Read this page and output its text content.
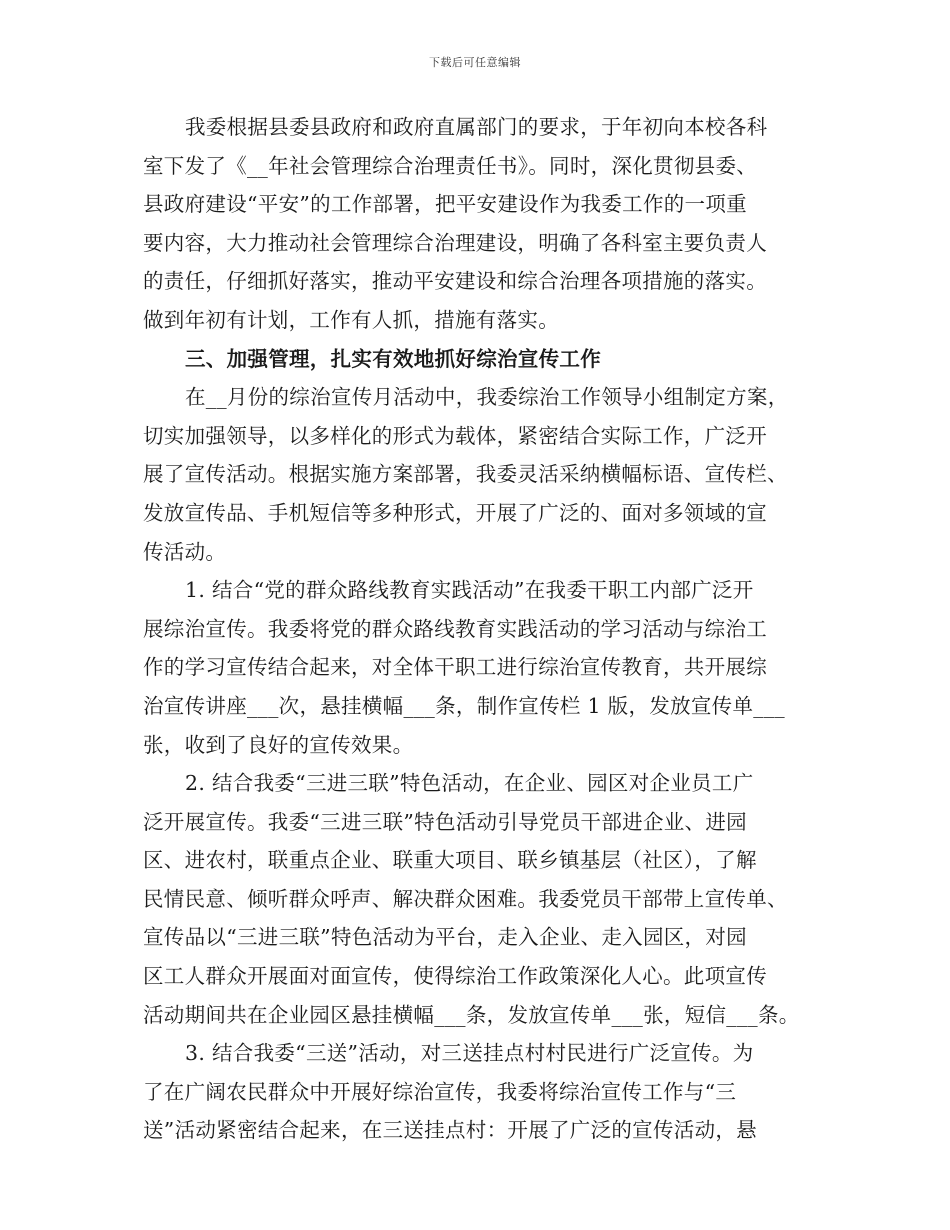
下载后可任意编辑
我委根据县委县政府和政府直属部门的要求，于年初向本校各科
室下发了《__年社会管理综合治理责任书》。同时，深化贯彻县委、
县政府建设“平安”的工作部署，把平安建设作为我委工作的一项重
要内容，大力推动社会管理综合治理建设，明确了各科室主要负责人
的责任，仔细抓好落实，推动平安建设和综合治理各项措施的落实。
做到年初有计划，工作有人抓，措施有落实。
三、加强管理，扎实有效地抓好综治宣传工作
在__月份的综治宣传月活动中，我委综治工作领导小组制定方案，
切实加强领导，以多样化的形式为载体，紧密结合实际工作，广泛开
展了宣传活动。根据实施方案部署，我委灵活采纳横幅标语、宣传栏、
发放宣传品、手机短信等多种形式，开展了广泛的、面对多领域的宣
传活动。
1. 结合“党的群众路线教育实践活动”在我委干职工内部广泛开
展综治宣传。我委将党的群众路线教育实践活动的学习活动与综治工
作的学习宣传结合起来，对全体干职工进行综治宣传教育，共开展综
治宣传讲座___次，悬挂横幅___条，制作宣传栏 1 版，发放宣传单___
张，收到了良好的宣传效果。
2. 结合我委“三进三联”特色活动，在企业、园区对企业员工广
泛开展宣传。我委“三进三联”特色活动引导党员干部进企业、进园
区、进农村，联重点企业、联重大项目、联乡镇基层（社区），了解
民情民意、倾听群众呼声、解决群众困难。我委党员干部带上宣传单、
宣传品以“三进三联”特色活动为平台，走入企业、走入园区，对园
区工人群众开展面对面宣传，使得综治工作政策深化人心。此项宣传
活动期间共在企业园区悬挂横幅___条，发放宣传单___张，短信___条。
3. 结合我委“三送”活动，对三送挂点村村民进行广泛宣传。为
了在广阔农民群众中开展好综治宣传，我委将综治宣传工作与“三
送”活动紧密结合起来，在三送挂点村：开展了广泛的宣传活动，悬
